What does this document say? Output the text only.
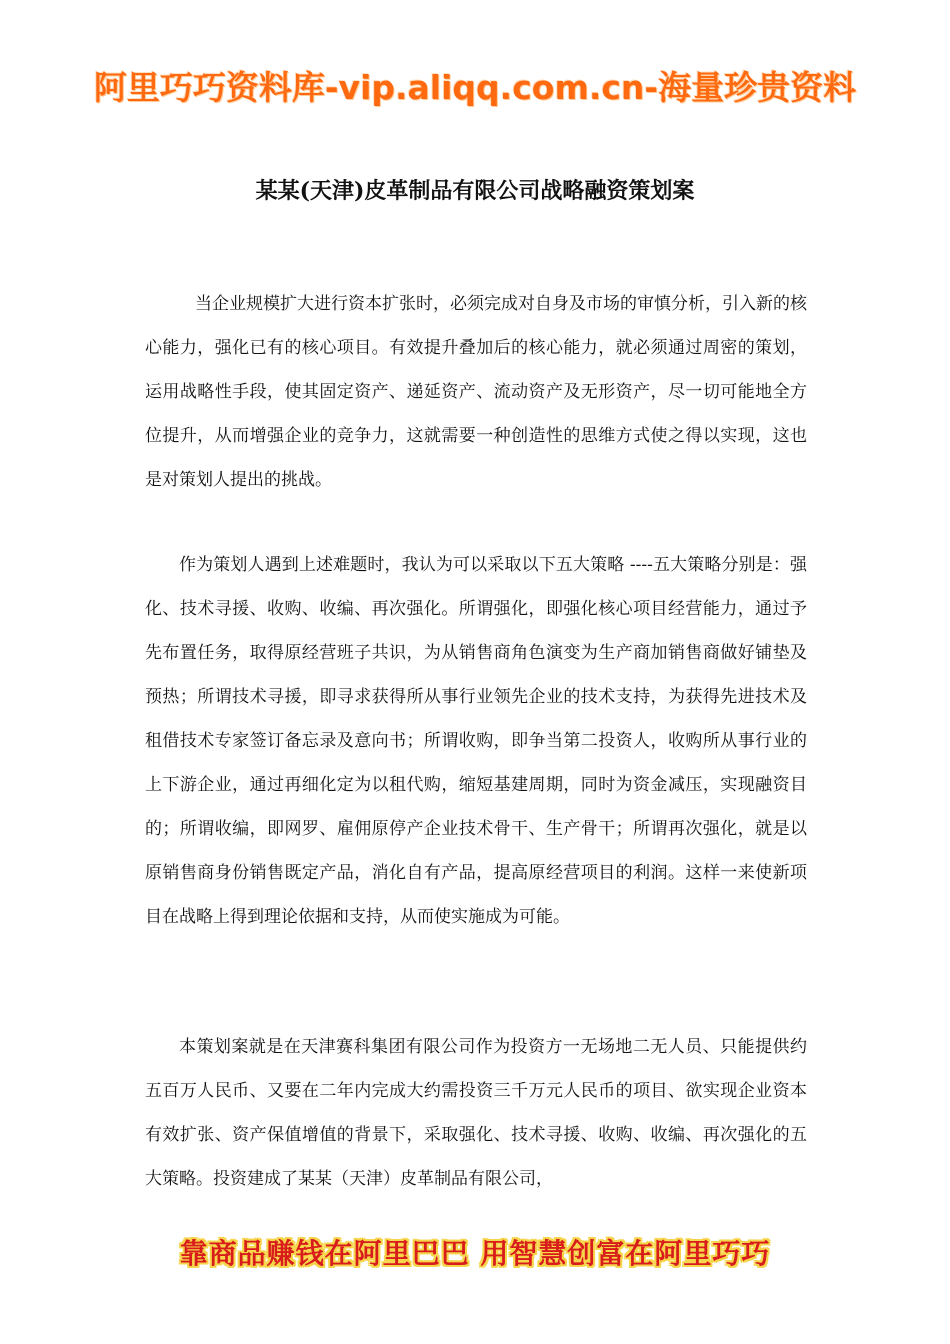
阿里巧巧资料库-vip.aliqq.com.cn-海量珍贵资料
某某(天津)皮革制品有限公司战略融资策划案

当企业规模扩大进行资本扩张时，必须完成对自身及市场的审慎分析，引入新的核心能力，强化已有的核心项目。有效提升叠加后的核心能力，就必须通过周密的策划，运用战略性手段，使其固定资产、递延资产、流动资产及无形资产，尽一切可能地全方位提升，从而增强企业的竞争力，这就需要一种创造性的思维方式使之得以实现，这也是对策划人提出的挑战。

作为策划人遇到上述难题时，我认为可以采取以下五大策略 ----五大策略分别是：强化、技术寻援、收购、收编、再次强化。所谓强化，即强化核心项目经营能力，通过予先布置任务，取得原经营班子共识，为从销售商角色演变为生产商加销售商做好铺垫及预热；所谓技术寻援，即寻求获得所从事行业领先企业的技术支持，为获得先进技术及租借技术专家签订备忘录及意向书；所谓收购，即争当第二投资人，收购所从事行业的上下游企业，通过再细化定为以租代购，缩短基建周期，同时为资金减压，实现融资目的；所谓收编，即网罗、雇佣原停产企业技术骨干、生产骨干；所谓再次强化，就是以原销售商身份销售既定产品，消化自有产品，提高原经营项目的利润。这样一来使新项目在战略上得到理论依据和支持，从而使实施成为可能。

本策划案就是在天津赛科集团有限公司作为投资方一无场地二无人员、只能提供约五百万人民币、又要在二年内完成大约需投资三千万元人民币的项目、欲实现企业资本有效扩张、资产保值增值的背景下，采取强化、技术寻援、收购、收编、再次强化的五大策略。投资建成了某某（天津）皮革制品有限公司，

靠商品赚钱在阿里巴巴 用智慧创富在阿里巧巧
